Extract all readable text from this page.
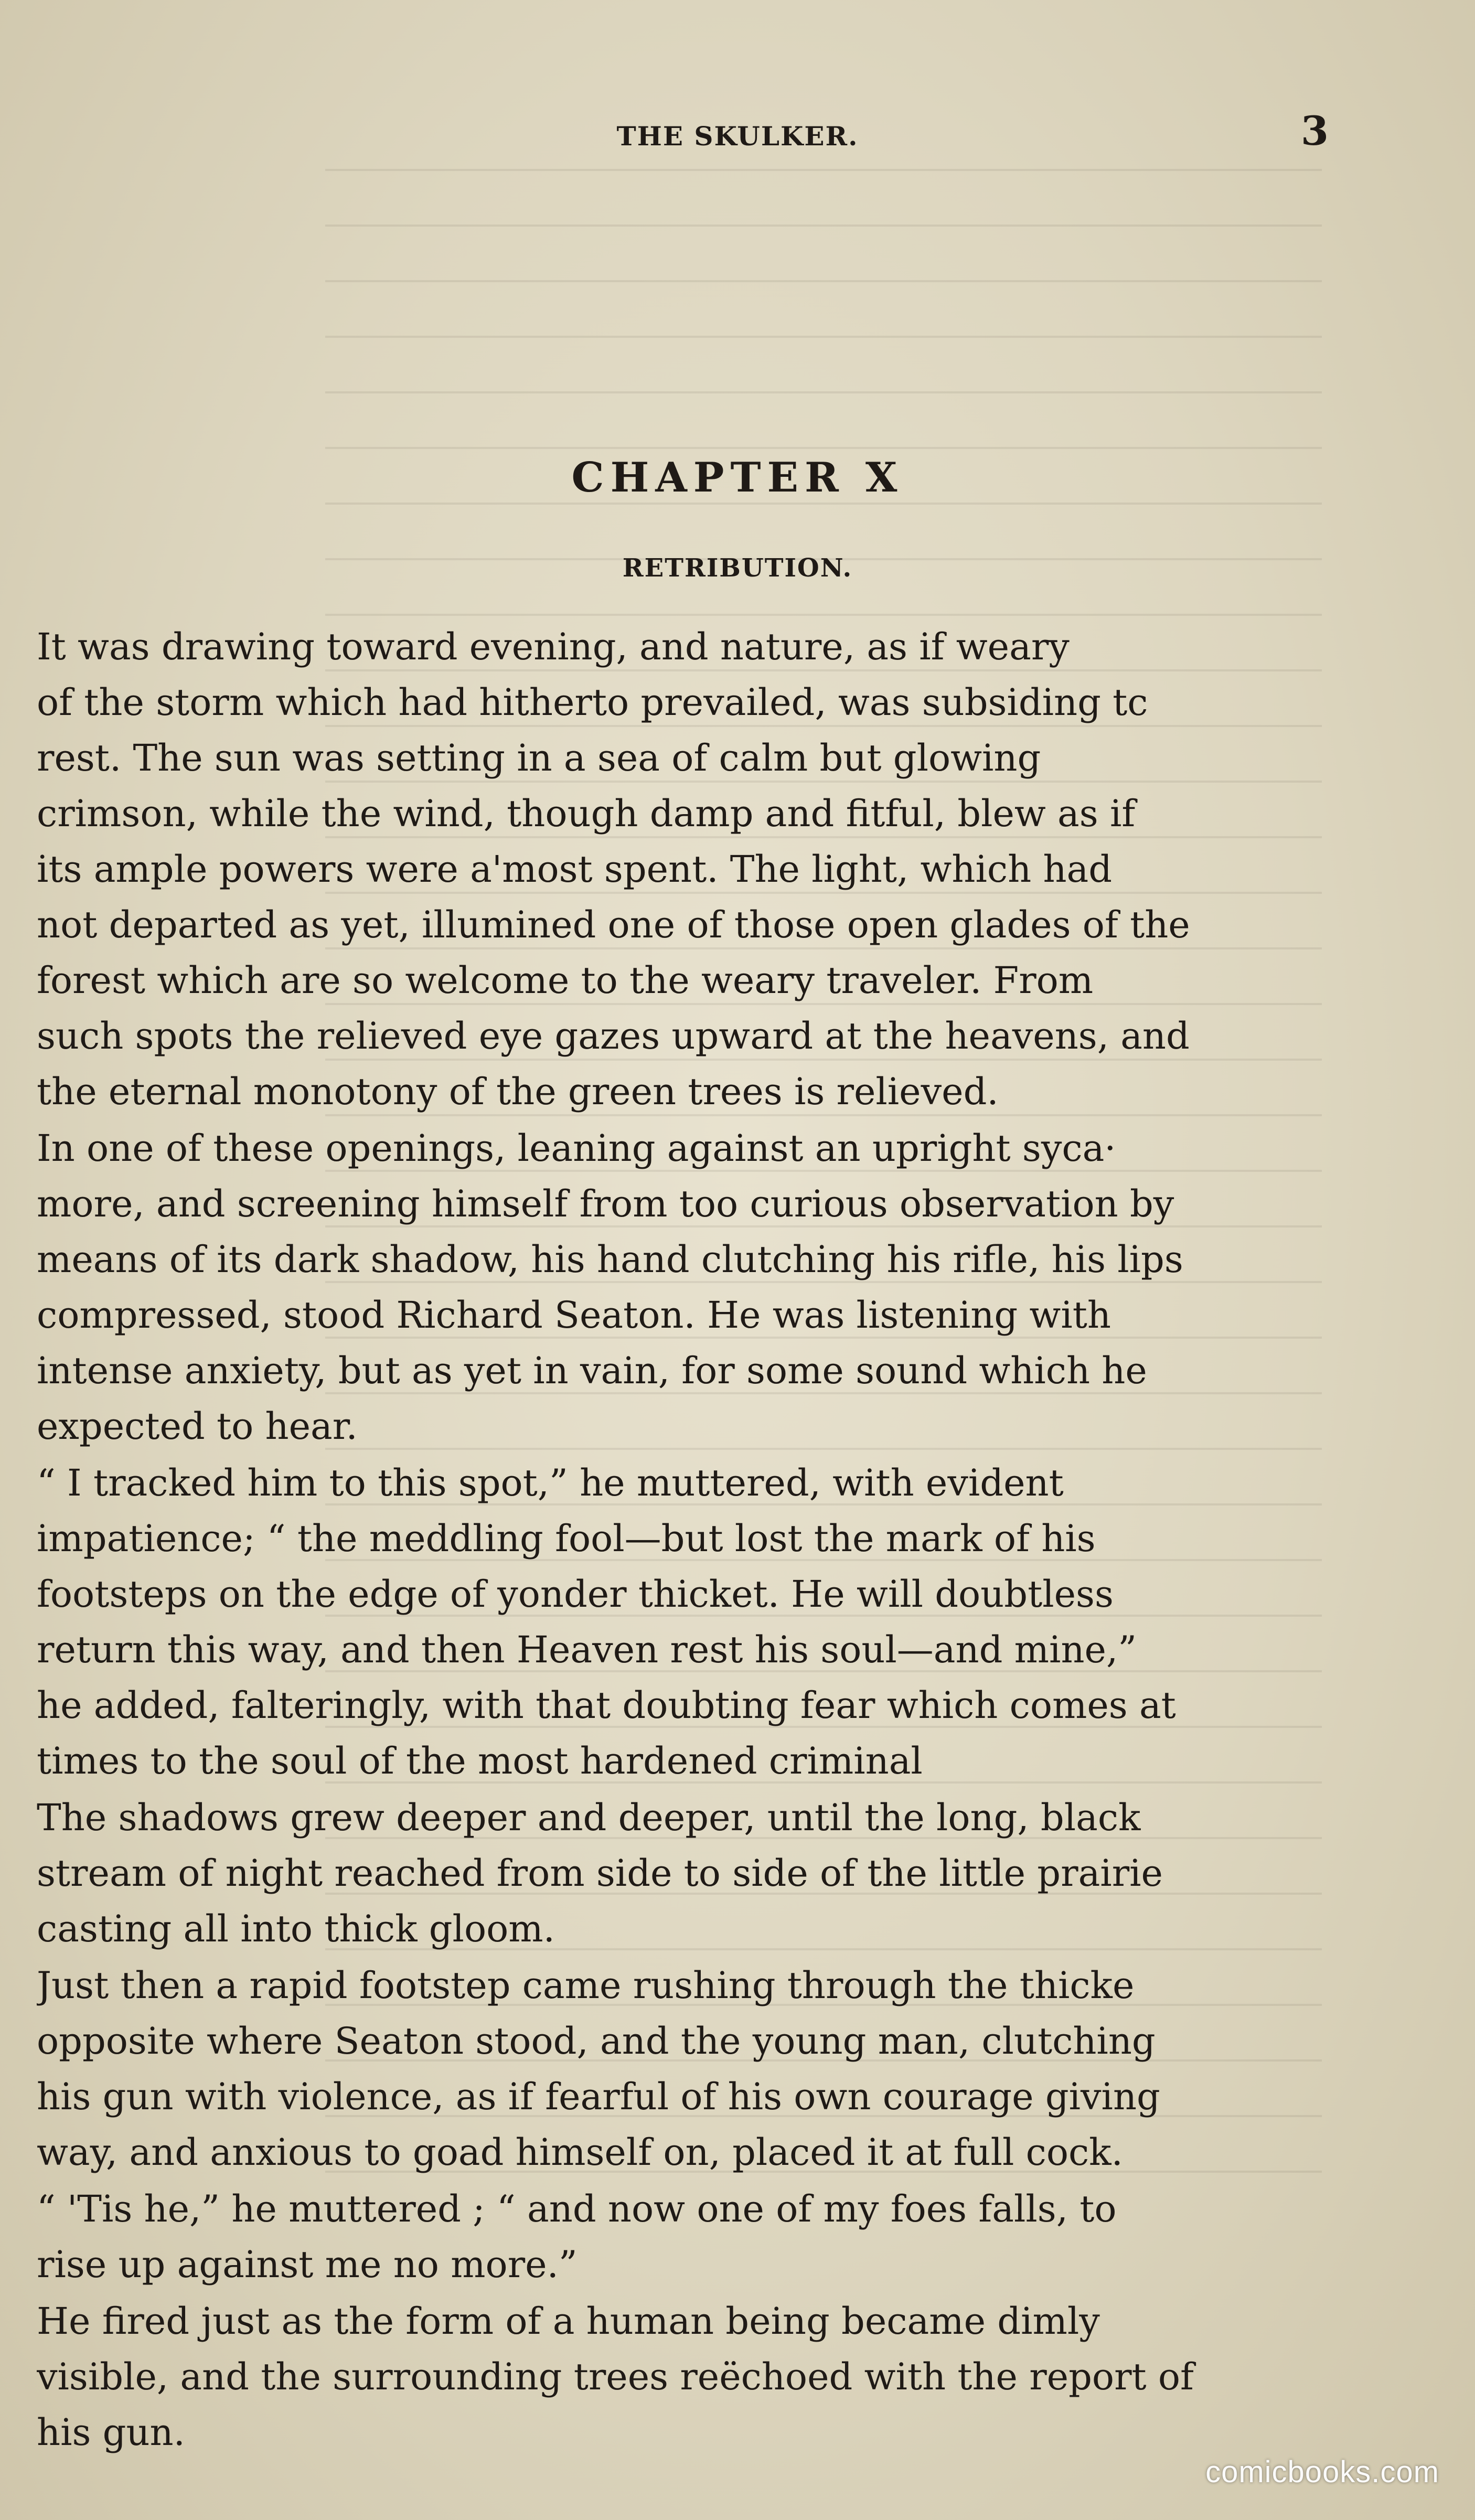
THE SKULKER.	3
CHAPTER X
RETRIBUTION.
It was drawing toward evening, and nature, as if weary
of the storm which had hitherto prevailed, was subsiding tc
rest. The sun was setting in a sea of calm but glowing
crimson, while the wind, though damp and fitful, blew as if
its ample powers were a'most spent. The light, which had
not departed as yet, illumined one of those open glades of the
forest which are so welcome to the weary traveler. From
such spots the relieved eye gazes upward at the heavens, and
the eternal monotony of the green trees is relieved.
In one of these openings, leaning against an upright syca·
more, and screening himself from too curious observation by
means of its dark shadow, his hand clutching his rifle, his lips
compressed, stood Richard Seaton. He was listening with
intense anxiety, but as yet in vain, for some sound which he
expected to hear.
“ I tracked him to this spot,” he muttered, with evident
impatience; “ the meddling fool—but lost the mark of his
footsteps on the edge of yonder thicket. He will doubtless
return this way, and then Heaven rest his soul—and mine,”
he added, falteringly, with that doubting fear which comes at
times to the soul of the most hardened criminal
The shadows grew deeper and deeper, until the long, black
stream of night reached from side to side of the little prairie
casting all into thick gloom.
Just then a rapid footstep came rushing through the thicke
opposite where Seaton stood, and the young man, clutching
his gun with violence, as if fearful of his own courage giving
way, and anxious to goad himself on, placed it at full cock.
“ 'Tis he,” he muttered ; “ and now one of my foes falls, to
rise up against me no more.”
He fired just as the form of a human being became dimly
visible, and the surrounding trees reëchoed with the report of
his gun.
comicbooks.com
